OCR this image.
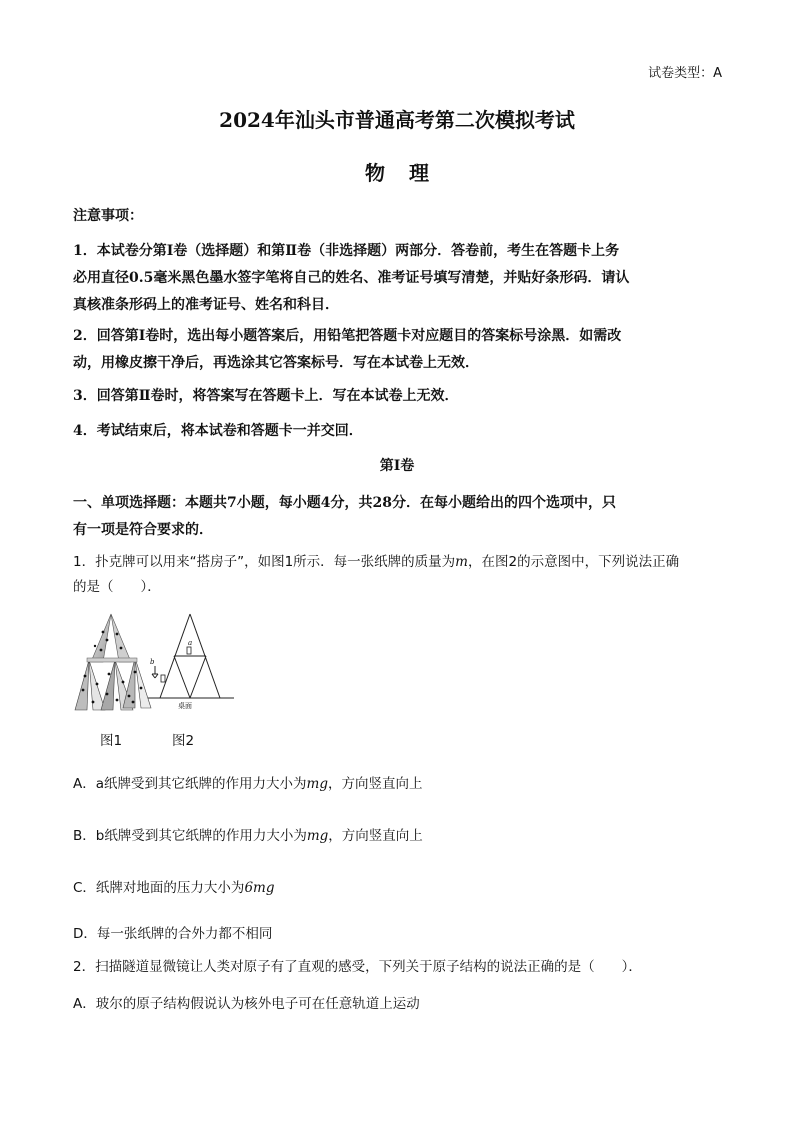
试卷类型：A
2024年汕头市普通高考第二次模拟考试
物理
注意事项：
1．本试卷分第Ⅰ卷（选择题）和第Ⅱ卷（非选择题）两部分．答卷前，考生在答题卡上务
必用直径0.5毫米黑色墨水签字笔将自己的姓名、准考证号填写清楚，并贴好条形码．请认
真核准条形码上的准考证号、姓名和科目．
2．回答第Ⅰ卷时，选出每小题答案后，用铅笔把答题卡对应题目的答案标号涂黑．如需改
动，用橡皮擦干净后，再选涂其它答案标号．写在本试卷上无效．
3．回答第Ⅱ卷时，将答案写在答题卡上．写在本试卷上无效．
4．考试结束后，将本试卷和答题卡一并交回．
第Ⅰ卷
一、单项选择题：本题共7小题，每小题4分，共28分．在每小题给出的四个选项中，只
有一项是符合要求的．
1．扑克牌可以用来“搭房子”，如图1所示．每一张纸牌的质量为m，在图2的示意图中，下列说法正确
的是（　　）．
a
b
桌面
图1	图2
A．a纸牌受到其它纸牌的作用力大小为mg，方向竖直向上
B．b纸牌受到其它纸牌的作用力大小为mg，方向竖直向上
C．纸牌对地面的压力大小为6mg
D．每一张纸牌的合外力都不相同
2．扫描隧道显微镜让人类对原子有了直观的感受，下列关于原子结构的说法正确的是（　　）．
A．玻尔的原子结构假说认为核外电子可在任意轨道上运动
